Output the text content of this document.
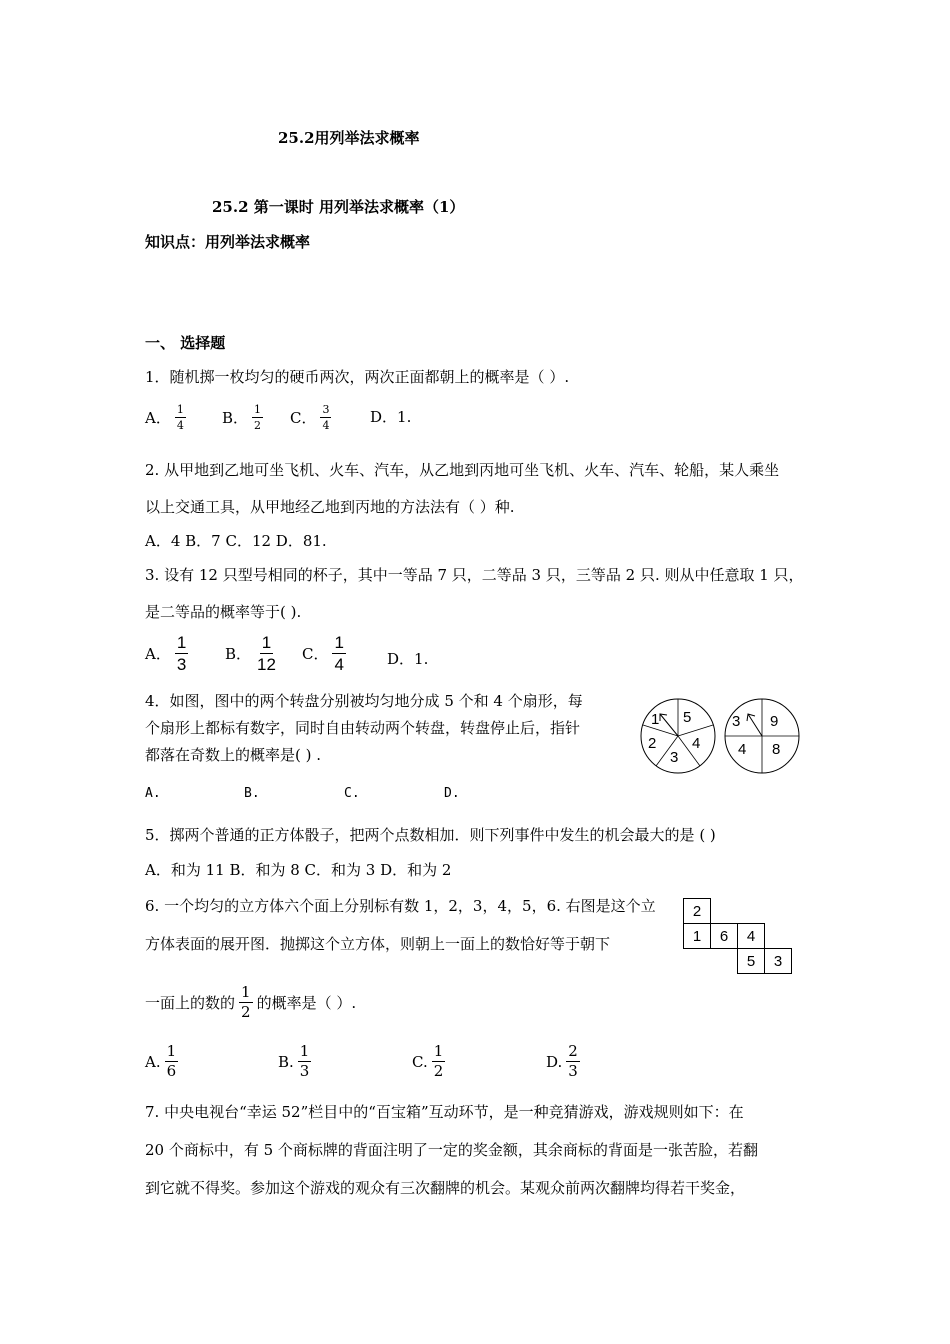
25.2用列举法求概率
25.2 第一课时 用列举法求概率（1）
知识点：用列举法求概率
一、 选择题
1．随机掷一枚均匀的硬币两次，两次正面都朝上的概率是（ ）.
A． $\frac{1}{4}$ B． $\frac{1}{2}$ C． $\frac{3}{4}$	D．1.
2. 从甲地到乙地可坐飞机、火车、汽车，从乙地到丙地可坐飞机、火车、汽车、轮船，某人乘坐
以上交通工具，从甲地经乙地到丙地的方法法有（ ）种.
A．4 B．7 C．12 D．81.
3. 设有 12 只型号相同的杯子，其中一等品 7 只，二等品 3 只，三等品 2 只. 则从中任意取 1 只，
是二等品的概率等于( ).
A． $\frac{1}{3}$ B． $\frac{1}{12}$ C． $\frac{1}{4}$	D．1.
4．如图，图中的两个转盘分别被均匀地分成 5 个和 4 个扇形，每
个扇形上都标有数字，同时自由转动两个转盘，转盘停止后，指针
都落在奇数上的概率是( ) .
1 5
2
3
4
3 9
4 8
A.	B.	C.	D.
5．掷两个普通的正方体骰子，把两个点数相加．则下列事件中发生的机会最大的是 ( )
A．和为 11 B．和为 8 C．和为 3 D．和为 2
6. 一个均匀的立方体六个面上分别标有数 1，2，3，4，5，6. 右图是这个立
方体表面的展开图．抛掷这个立方体，则朝上一面上的数恰好等于朝下
2			
1	6	4	
		5	3
一面上的数的 $\frac{1}{2}$ 的概率是（ ）.
A. $\frac{1}{6}$	B. $\frac{1}{3}$	C. $\frac{1}{2}$	D. $\frac{2}{3}$
7. 中央电视台“幸运 52”栏目中的“百宝箱”互动环节，是一种竞猜游戏，游戏规则如下：在
20 个商标中，有 5 个商标牌的背面注明了一定的奖金额，其余商标的背面是一张苦脸，若翻
到它就不得奖。参加这个游戏的观众有三次翻牌的机会。某观众前两次翻牌均得若干奖金，
